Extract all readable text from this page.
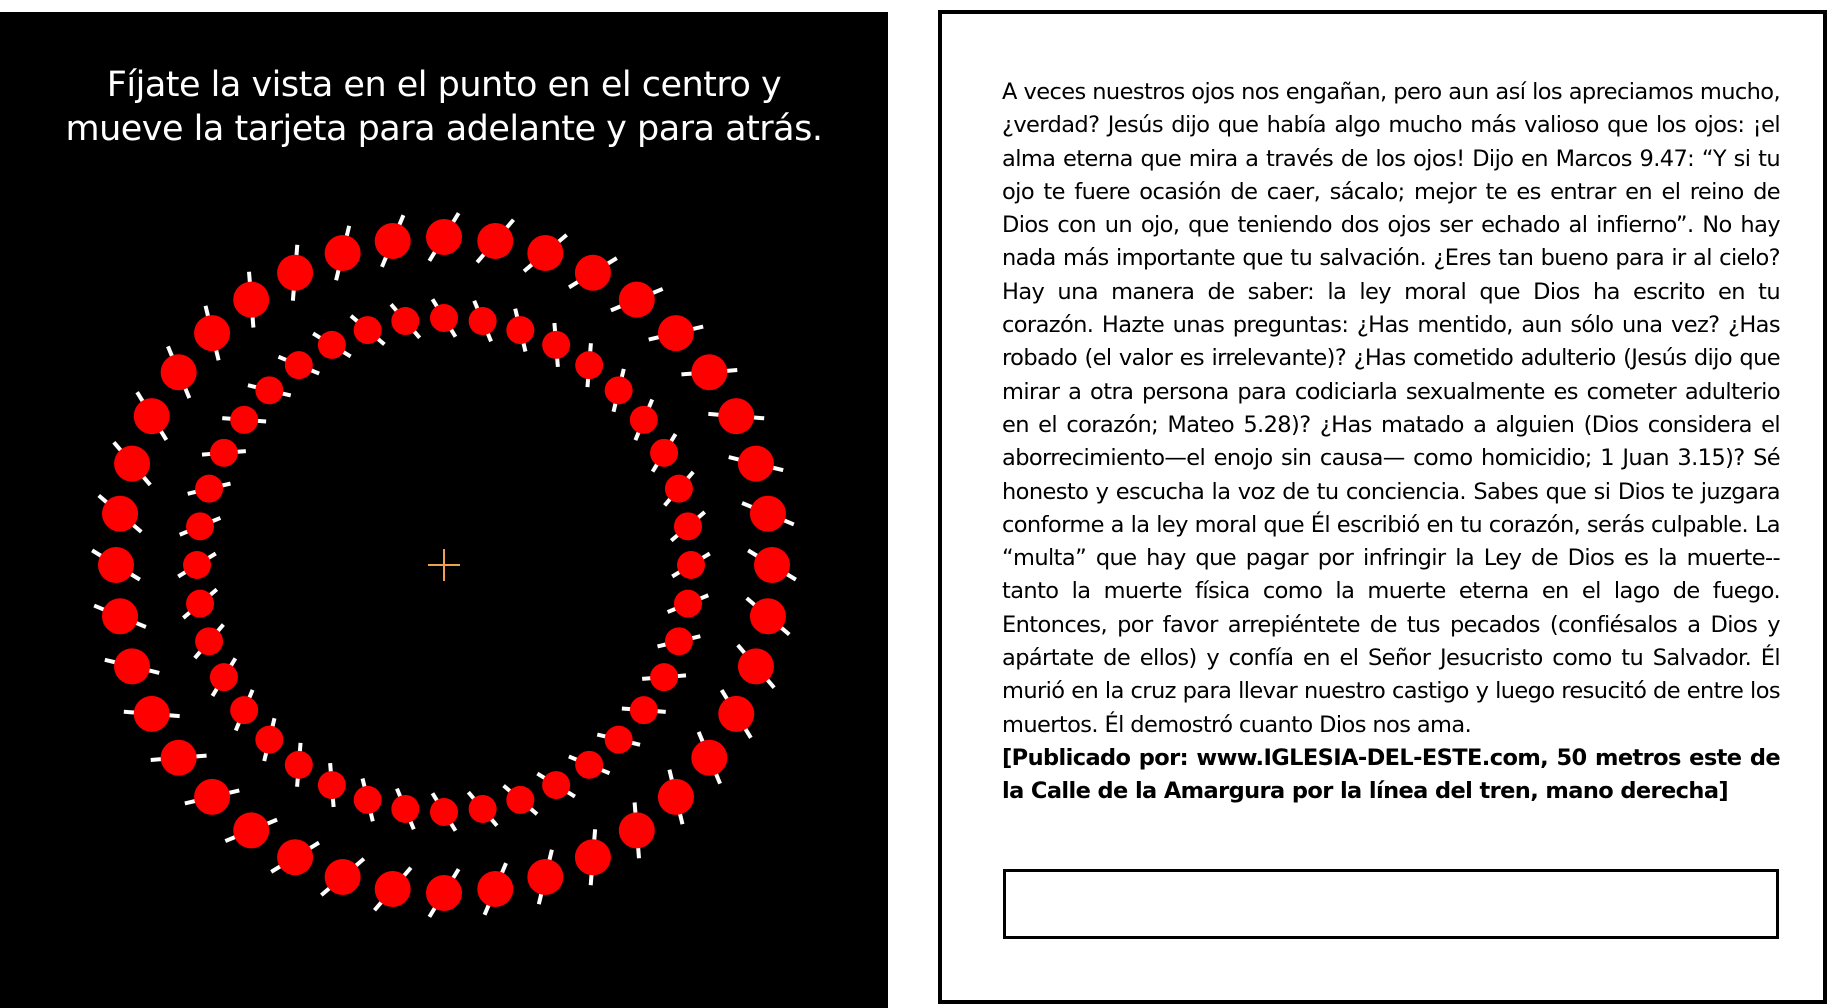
Fíjate la vista en el punto en el centro y
mueve la tarjeta para adelante y para atrás.

A veces nuestros ojos nos engañan, pero aun así los apreciamos mucho, ¿verdad? Jesús dijo que había algo mucho más valioso que los ojos: ¡el alma eterna que mira a través de los ojos! Dijo en Marcos 9.47: “Y si tu ojo te fuere ocasión de caer, sácalo; mejor te es entrar en el reino de Dios con un ojo, que teniendo dos ojos ser echado al infierno”. No hay nada más importante que tu salvación. ¿Eres tan bueno para ir al cielo? Hay una manera de saber: la ley moral que Dios ha escrito en tu corazón. Hazte unas preguntas: ¿Has mentido, aun sólo una vez? ¿Has robado (el valor es irrelevante)? ¿Has cometido adulterio (Jesús dijo que mirar a otra persona para codiciarla sexualmente es cometer adulterio en el corazón; Mateo 5.28)? ¿Has matado a alguien (Dios considera el aborrecimiento—el enojo sin causa— como homicidio; 1 Juan 3.15)? Sé honesto y escucha la voz de tu conciencia. Sabes que si Dios te juzgara conforme a la ley moral que Él escribió en tu corazón, serás culpable. La “multa” que hay que pagar por infringir la Ley de Dios es la muerte--tanto la muerte física como la muerte eterna en el lago de fuego. Entonces, por favor arrepiéntete de tus pecados (confiésalos a Dios y apártate de ellos) y confía en el Señor Jesucristo como tu Salvador. Él murió en la cruz para llevar nuestro castigo y luego resucitó de entre los muertos. Él demostró cuanto Dios nos ama.

[Publicado por: www.IGLESIA-DEL-ESTE.com, 50 metros este de la Calle de la Amargura por la línea del tren, mano derecha]
